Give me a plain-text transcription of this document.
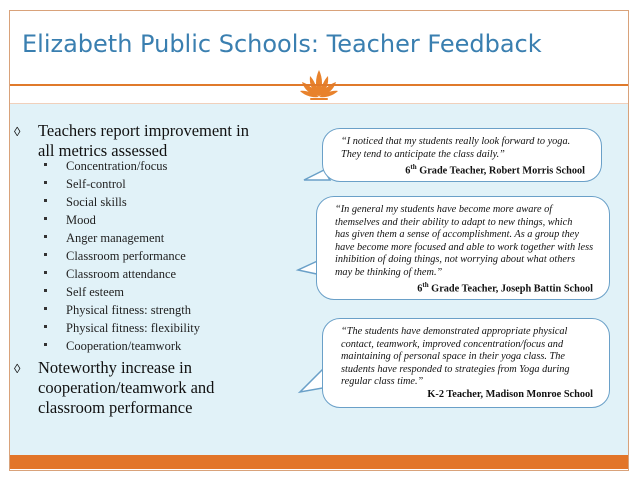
Elizabeth Public Schools: Teacher Feedback
◊ Teachers report improvement in
all metrics assessed
Concentration/focus
Self-control
Social skills
Mood
Anger management
Classroom performance
Classroom attendance
Self esteem
Physical fitness: strength
Physical fitness: flexibility
Cooperation/teamwork
◊ Noteworthy increase in
cooperation/teamwork and
classroom performance
“I noticed that my students really look forward to yoga.
They tend to anticipate the class daily.”
6th Grade Teacher, Robert Morris School
“In general my students have become more aware of
themselves and their ability to adapt to new things, which
has given them a sense of accomplishment. As a group they
have become more focused and able to work together with less
inhibition of doing things, not worrying about what others
may be thinking of them.”
6th Grade Teacher, Joseph Battin School
“The students have demonstrated appropriate physical
contact, teamwork, improved concentration/focus and
maintaining of personal space in their yoga class. The
students have responded to strategies from Yoga during
regular class time.”
K-2 Teacher, Madison Monroe School
